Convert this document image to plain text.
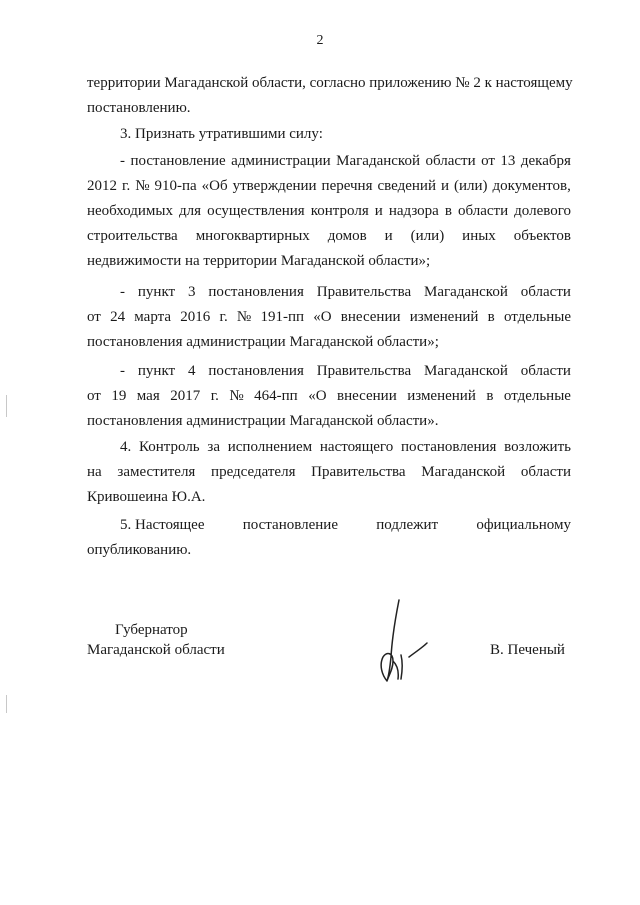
2
территории Магаданской области, согласно приложению № 2 к настоящему
постановлению.
3. Признать утратившими силу:
- постановление администрации Магаданской области от 13 декабря
2012 г. № 910-па «Об утверждении перечня сведений и (или) документов,
необходимых для осуществления контроля и надзора в области долевого
строительства многоквартирных домов и (или) иных объектов
недвижимости на территории Магаданской области»;
- пункт 3 постановления Правительства Магаданской области
от 24 марта 2016 г. № 191-пп «О внесении изменений в отдельные
постановления администрации Магаданской области»;
- пункт 4 постановления Правительства Магаданской области
от 19 мая 2017 г. № 464-пп «О внесении изменений в отдельные
постановления администрации Магаданской области».
4. Контроль за исполнением настоящего постановления возложить
на заместителя председателя Правительства Магаданской области
Кривошеина Ю.А.
5. Настоящее	постановление	подлежит	официальному
опубликованию.
Губернатор
Магаданской области	В. Печеный
